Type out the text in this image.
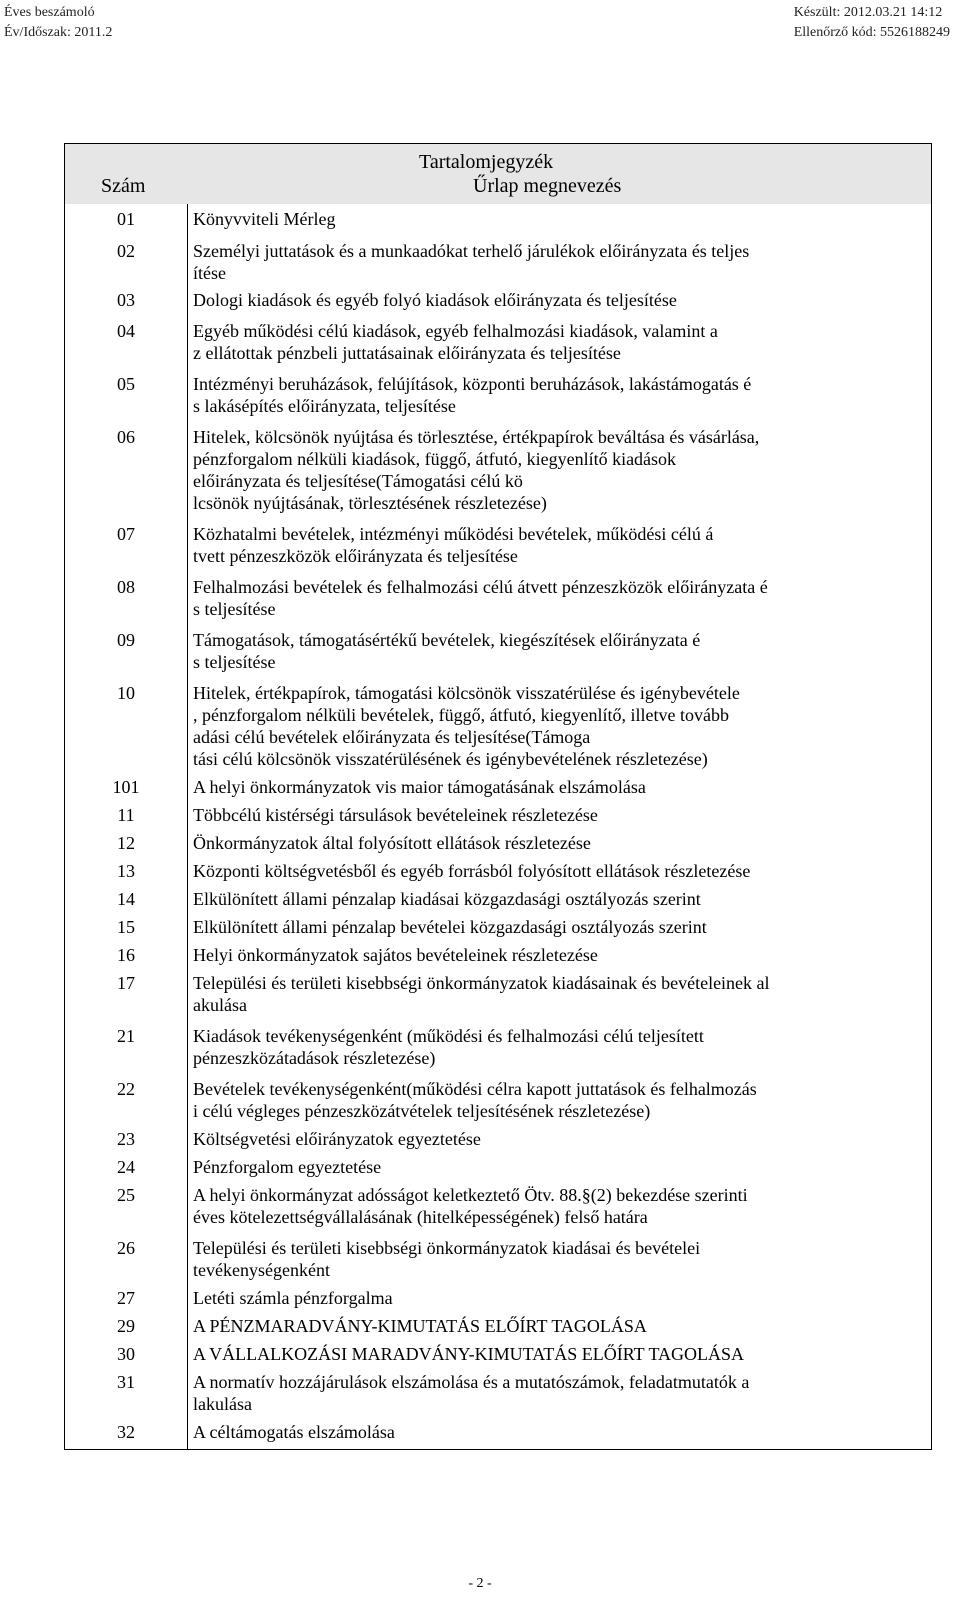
Éves beszámoló
Év/Időszak: 2011.2
Készült: 2012.03.21 14:12
Ellenőrző kód: 5526188249
Tartalomjegyzék
Szám	Űrlap megnevezés
01	Könyvviteli Mérleg
02	Személyi juttatások és a munkaadókat terhelő járulékok előirányzata és teljes
ítése
03	Dologi kiadások és egyéb folyó kiadások előirányzata és teljesítése
04	Egyéb működési célú kiadások, egyéb felhalmozási kiadások, valamint a
z ellátottak pénzbeli juttatásainak előirányzata és teljesítése
05	Intézményi beruházások, felújítások, központi beruházások, lakástámogatás é
s lakásépítés előirányzata, teljesítése
06	Hitelek, kölcsönök nyújtása és törlesztése, értékpapírok beváltása és vásárlása,
pénzforgalom nélküli kiadások, függő, átfutó, kiegyenlítő kiadások
előirányzata és teljesítése(Támogatási célú kö
lcsönök nyújtásának, törlesztésének részletezése)
07	Közhatalmi bevételek, intézményi működési bevételek, működési célú á
tvett pénzeszközök előirányzata és teljesítése
08	Felhalmozási bevételek és felhalmozási célú átvett pénzeszközök előirányzata é
s teljesítése
09	Támogatások, támogatásértékű bevételek, kiegészítések előirányzata é
s teljesítése
10	Hitelek, értékpapírok, támogatási kölcsönök visszatérülése és igénybevétele
, pénzforgalom nélküli bevételek, függő, átfutó, kiegyenlítő, illetve tovább
adási célú bevételek előirányzata és teljesítése(Támoga
tási célú kölcsönök visszatérülésének és igénybevételének részletezése)
101	A helyi önkormányzatok vis maior támogatásának elszámolása
11	Többcélú kistérségi társulások bevételeinek részletezése
12	Önkormányzatok által folyósított ellátások részletezése
13	Központi költségvetésből és egyéb forrásból folyósított ellátások részletezése
14	Elkülönített állami pénzalap kiadásai közgazdasági osztályozás szerint
15	Elkülönített állami pénzalap bevételei közgazdasági osztályozás szerint
16	Helyi önkormányzatok sajátos bevételeinek részletezése
17	Települési és területi kisebbségi önkormányzatok kiadásainak és bevételeinek al
akulása
21	Kiadások tevékenységenként (működési és felhalmozási célú teljesített
pénzeszközátadások részletezése)
22	Bevételek tevékenységenként(működési célra kapott juttatások és felhalmozás
i célú végleges pénzeszközátvételek teljesítésének részletezése)
23	Költségvetési előirányzatok egyeztetése
24	Pénzforgalom egyeztetése
25	A helyi önkormányzat adósságot keletkeztető Ötv. 88.§(2) bekezdése szerinti
éves kötelezettségvállalásának (hitelképességének) felső határa
26	Települési és területi kisebbségi önkormányzatok kiadásai és bevételei
tevékenységenként
27	Letéti számla pénzforgalma
29	A PÉNZMARADVÁNY-KIMUTATÁS ELŐÍRT TAGOLÁSA
30	A VÁLLALKOZÁSI MARADVÁNY-KIMUTATÁS ELŐÍRT TAGOLÁSA
31	A normatív hozzájárulások elszámolása és a mutatószámok, feladatmutatók a
lakulása
32	A céltámogatás elszámolása
- 2 -
